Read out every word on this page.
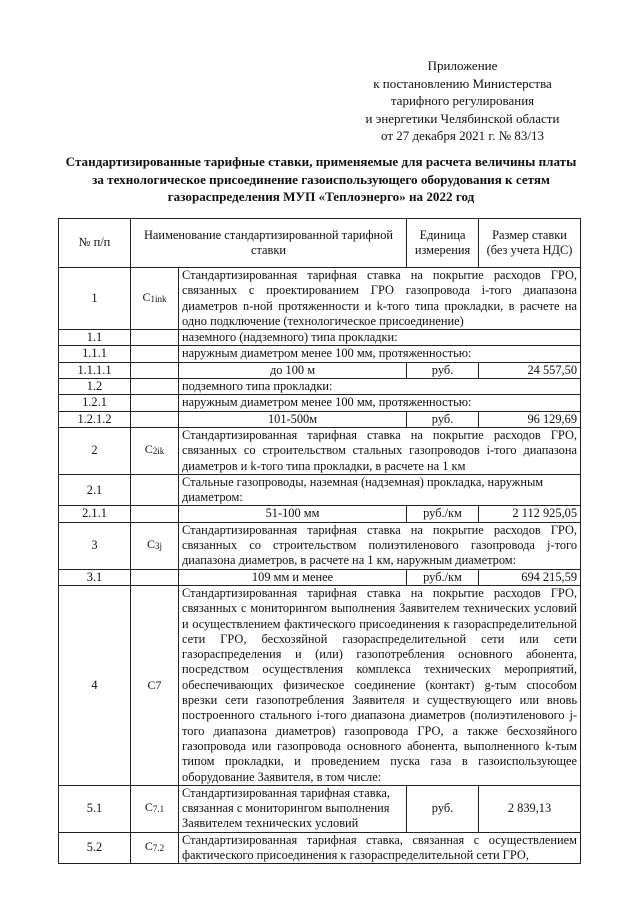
Приложение
к постановлению Министерства
тарифного регулирования
и энергетики Челябинской области
от 27 декабря 2021 г. № 83/13
Стандартизированные тарифные ставки, применяемые для расчета величины платы
за технологическое присоединение газоиспользующего оборудования к сетям
газораспределения МУП «Теплоэнерго» на 2022 год
№ п/п	Наименование стандартизированной тарифной ставки		Единица измерения	Размер ставки (без учета НДС)
1	$C_{1ink}$	Стандартизированная тарифная ставка на покрытие расходов ГРО, связанных с проектированием ГРО газопровода i-того диапазона диаметров n-ной протяженности и k-того типа прокладки, в расчете на одно подключение (технологическое присоединение)		
1.1		наземного (надземного) типа прокладки:		
1.1.1		наружным диаметром менее 100 мм, протяженностью:		
1.1.1.1		до 100 м	руб.	24 557,50
1.2		подземного типа прокладки:		
1.2.1		наружным диаметром менее 100 мм, протяженностью:		
1.2.1.2		101-500м	руб.	96 129,69
2	$C_{2ik}$	Стандартизированная тарифная ставка на покрытие расходов ГРО, связанных со строительством стальных газопроводов i-того диапазона диаметров и k-того типа прокладки, в расчете на 1 км		
2.1		Стальные газопроводы, наземная (надземная) прокладка, наружным диаметром:		
2.1.1		51-100 мм	руб./км	2 112 925,05
3	$C_{3j}$	Стандартизированная тарифная ставка на покрытие расходов ГРО, связанных со строительством полиэтиленового газопровода j-того диапазона диаметров, в расчете на 1 км, наружным диаметром:		
3.1		109 мм и менее	руб./км	694 215,59
4	C7	Стандартизированная тарифная ставка на покрытие расходов ГРО, связанных с мониторингом выполнения Заявителем технических условий и осуществлением фактического присоединения к газораспределительной сети ГРО, бесхозяйной газораспределительной сети или сети газораспределения и (или) газопотребления основного абонента, посредством осуществления комплекса технических мероприятий, обеспечивающих физическое соединение (контакт) g-тым способом врезки сети газопотребления Заявителя и существующего или вновь построенного стального i-того диапазона диаметров (полиэтиленового j-того диапазона диаметров) газопровода ГРО, а также бесхозяйного газопровода или газопровода основного абонента, выполненного k-тым типом прокладки, и проведением пуска газа в газоиспользующее оборудование Заявителя, в том числе:		
5.1	$C_{7.1}$	Стандартизированная тарифная ставка, связанная с мониторингом выполнения Заявителем технических условий	руб.	2 839,13
5.2	$C_{7.2}$	Стандартизированная тарифная ставка, связанная с осуществлением фактического присоединения к газораспределительной сети ГРО,		
